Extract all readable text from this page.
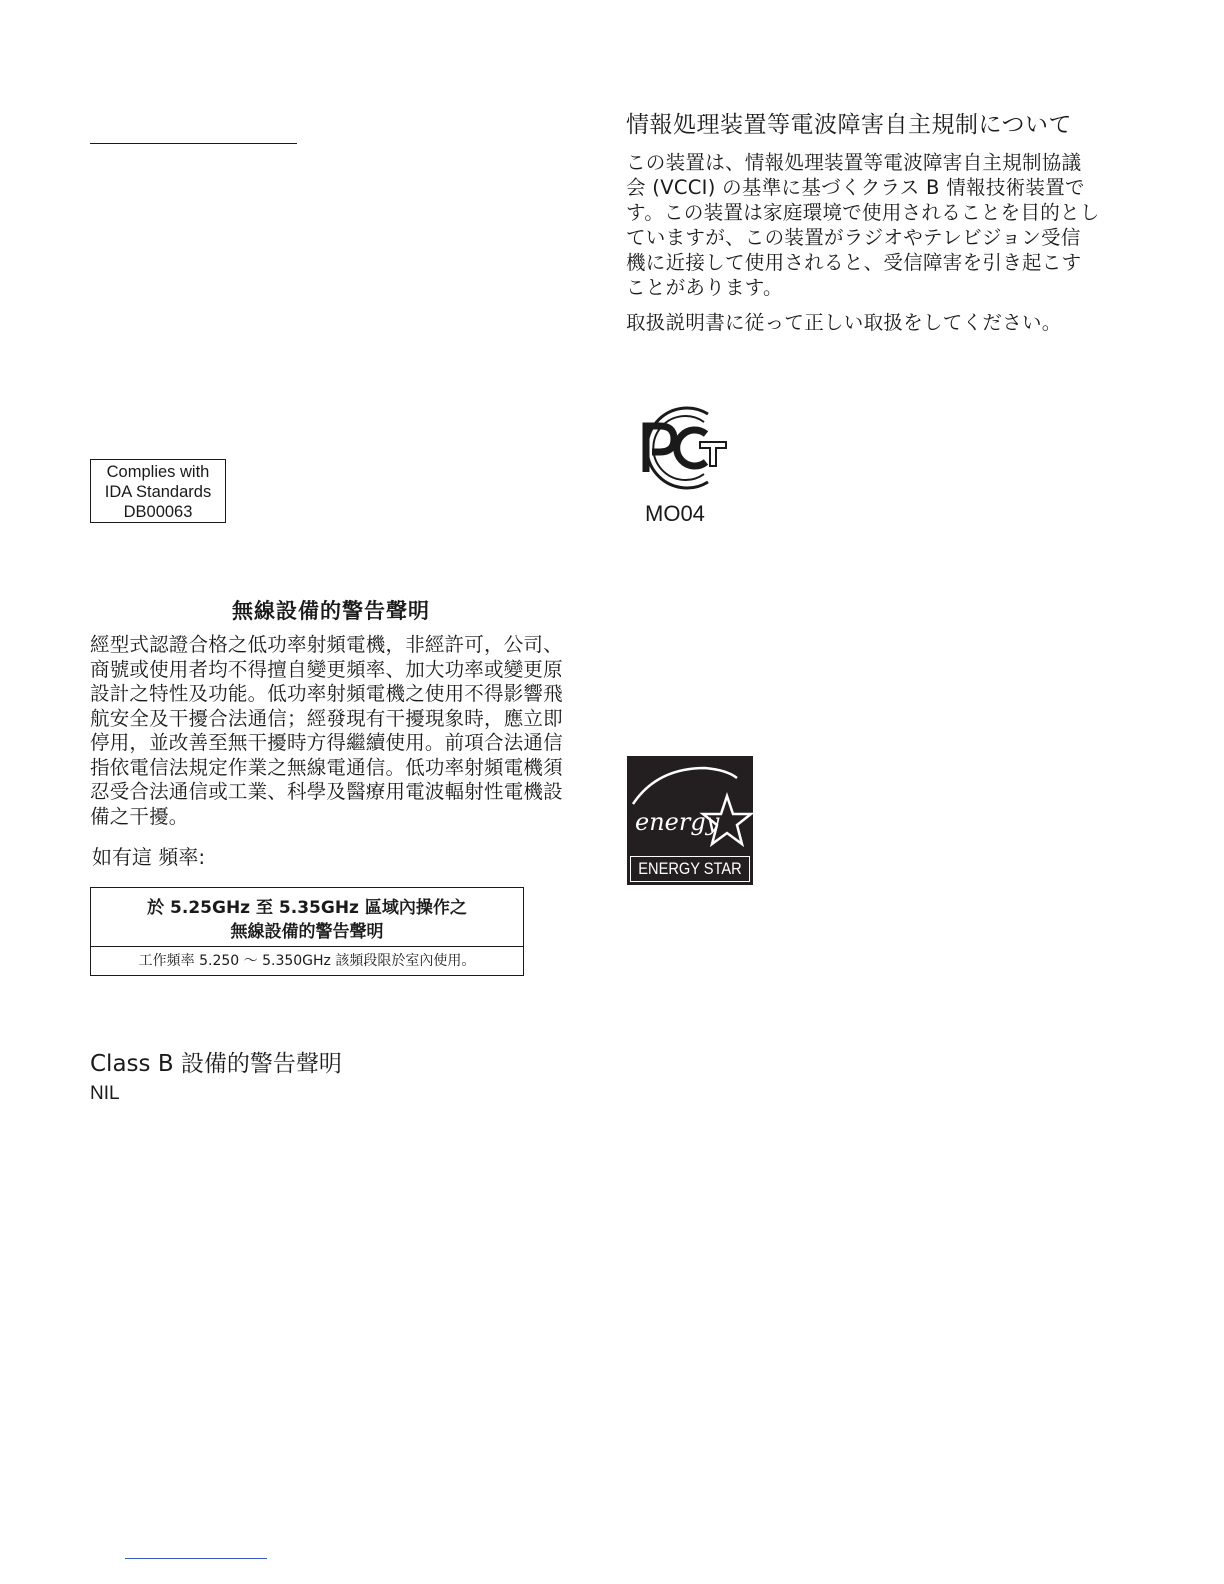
Complies with
IDA Standards
DB00063
無線設備的警告聲明
經型式認證合格之低功率射頻電機，非經許可，公司、商號或使用者均不得擅自變更頻率、加大功率或變更原設計之特性及功能。低功率射頻電機之使用不得影響飛航安全及干擾合法通信；經發現有干擾現象時，應立即停用，並改善至無干擾時方得繼續使用。前項合法通信指依電信法規定作業之無線電通信。低功率射頻電機須忍受合法通信或工業、科學及醫療用電波輻射性電機設備之干擾。
如有這 頻率:
於 5.25GHz 至 5.35GHz 區域內操作之
無線設備的警告聲明
工作頻率 5.250 ～ 5.350GHz 該頻段限於室內使用。
Class B 設備的警告聲明
NIL
情報処理装置等電波障害自主規制について
この装置は、情報処理装置等電波障害自主規制協議会 (VCCI) の基準に基づくクラス B 情報技術装置です。この装置は家庭環境で使用されることを目的としていますが、この装置がラジオやテレビジョン受信機に近接して使用されると、受信障害を引き起こすことがあります。
取扱説明書に従って正しい取扱をしてください。
MO04
energy
ENERGY STAR
